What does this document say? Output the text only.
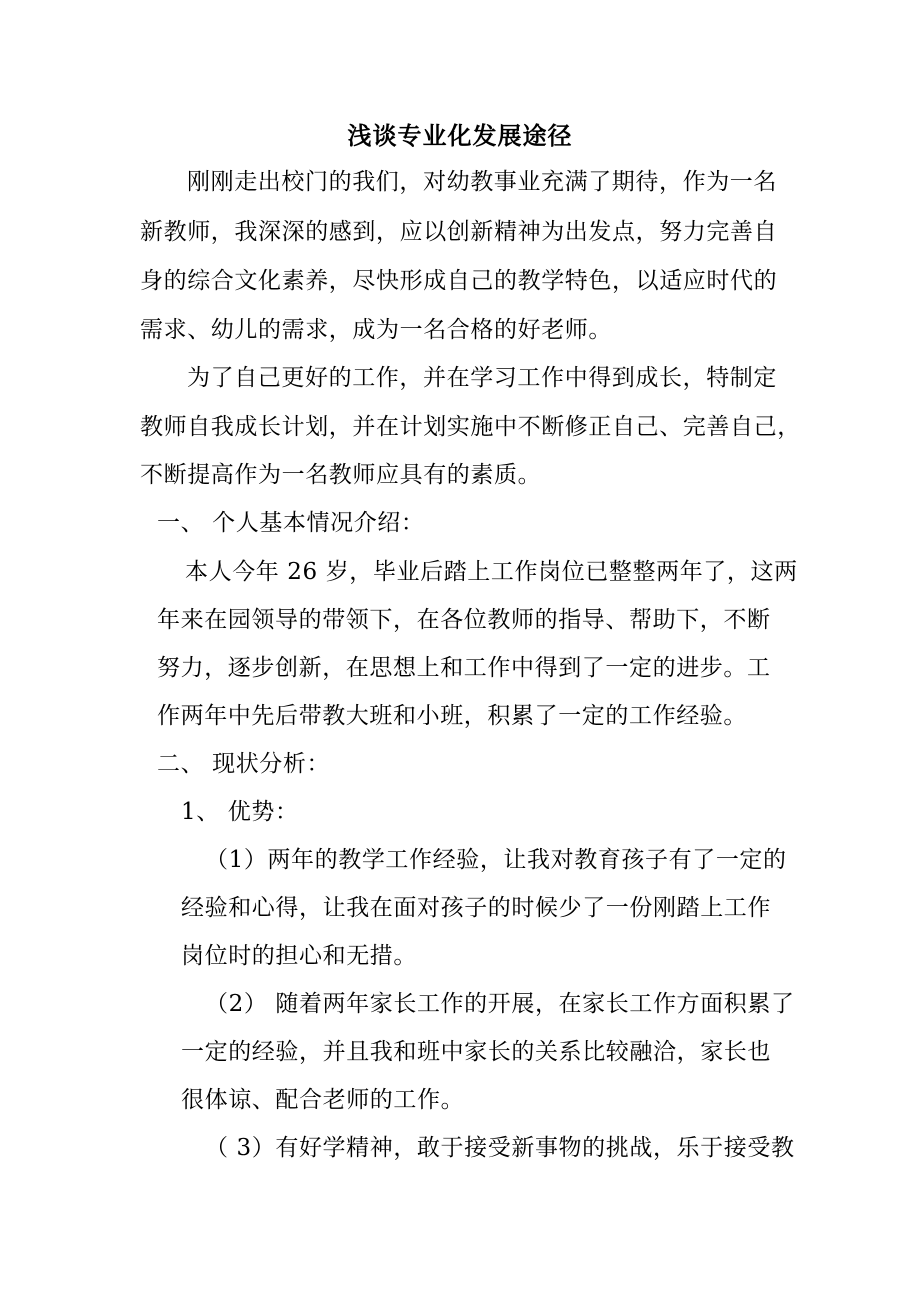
浅谈专业化发展途径
刚刚走出校门的我们，对幼教事业充满了期待，作为一名
新教师，我深深的感到，应以创新精神为出发点，努力完善自
身的综合文化素养，尽快形成自己的教学特色，以适应时代的
需求、幼儿的需求，成为一名合格的好老师。
为了自己更好的工作，并在学习工作中得到成长，特制定
教师自我成长计划，并在计划实施中不断修正自己、完善自己，
不断提高作为一名教师应具有的素质。
一、 个人基本情况介绍：
本人今年 26 岁，毕业后踏上工作岗位已整整两年了，这两
年来在园领导的带领下，在各位教师的指导、帮助下，不断
努力，逐步创新，在思想上和工作中得到了一定的进步。工
作两年中先后带教大班和小班，积累了一定的工作经验。
二、 现状分析：
1、 优势：
（1）两年的教学工作经验，让我对教育孩子有了一定的
经验和心得，让我在面对孩子的时候少了一份刚踏上工作
岗位时的担心和无措。
（2） 随着两年家长工作的开展，在家长工作方面积累了
一定的经验，并且我和班中家长的关系比较融洽，家长也
很体谅、配合老师的工作。
（ 3）有好学精神，敢于接受新事物的挑战，乐于接受教
